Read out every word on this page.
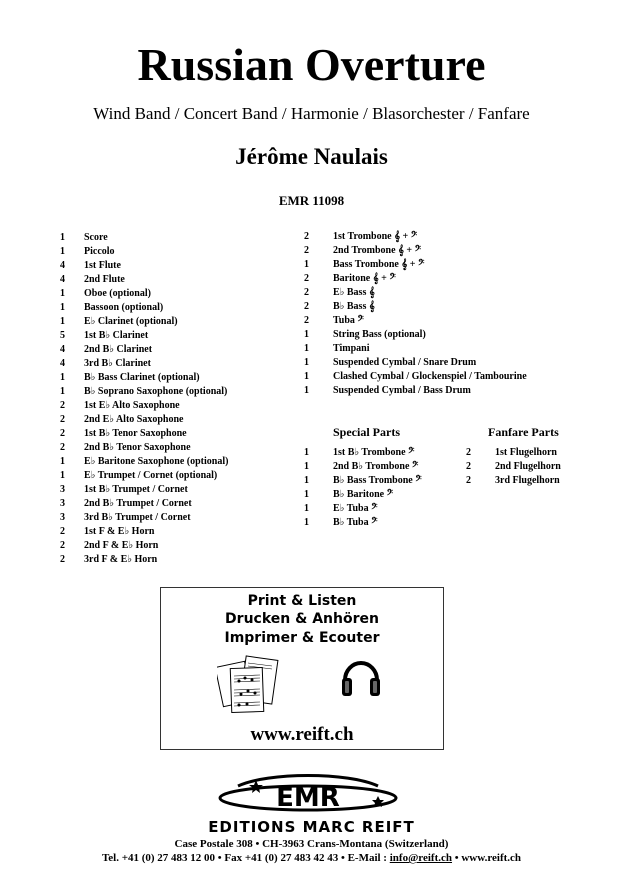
Russian Overture
Wind Band / Concert Band / Harmonie / Blasorchester / Fanfare
Jérôme Naulais
EMR 11098
1	Score
1	Piccolo
4	1st Flute
4	2nd Flute
1	Oboe (optional)
1	Bassoon (optional)
1	E♭ Clarinet (optional)
5	1st B♭ Clarinet
4	2nd B♭ Clarinet
4	3rd B♭ Clarinet
1	B♭ Bass Clarinet (optional)
1	B♭ Soprano Saxophone (optional)
2	1st E♭ Alto Saxophone
2	2nd E♭ Alto Saxophone
2	1st B♭ Tenor Saxophone
2	2nd B♭ Tenor Saxophone
1	E♭ Baritone Saxophone (optional)
1	E♭ Trumpet / Cornet (optional)
3	1st B♭ Trumpet / Cornet
3	2nd B♭ Trumpet / Cornet
3	3rd B♭ Trumpet / Cornet
2	1st F & E♭ Horn
2	2nd F & E♭ Horn
2	3rd F & E♭ Horn
2	1st Trombone 𝄞 + 𝄢
2	2nd Trombone 𝄞 + 𝄢
1	Bass Trombone 𝄞 + 𝄢
2	Baritone 𝄞 + 𝄢
2	E♭ Bass 𝄞
2	B♭ Bass 𝄞
2	Tuba 𝄢
1	String Bass (optional)
1	Timpani
1	Suspended Cymbal / Snare Drum
1	Clashed Cymbal / Glockenspiel / Tambourine
1	Suspended Cymbal / Bass Drum
Special Parts
1	1st B♭ Trombone 𝄢
1	2nd B♭ Trombone 𝄢
1	B♭ Bass Trombone 𝄢
1	B♭ Baritone 𝄢
1	E♭ Tuba 𝄢
1	B♭ Tuba 𝄢
Fanfare Parts
2	1st Flugelhorn
2	2nd Flugelhorn
2	3rd Flugelhorn
Print & Listen
Drucken & Anhören
Imprimer & Ecouter
www.reift.ch
EMR
EDITIONS MARC REIFT
Case Postale 308 • CH-3963 Crans-Montana (Switzerland)
Tel. +41 (0) 27 483 12 00 • Fax +41 (0) 27 483 42 43 • E-Mail : info@reift.ch • www.reift.ch
